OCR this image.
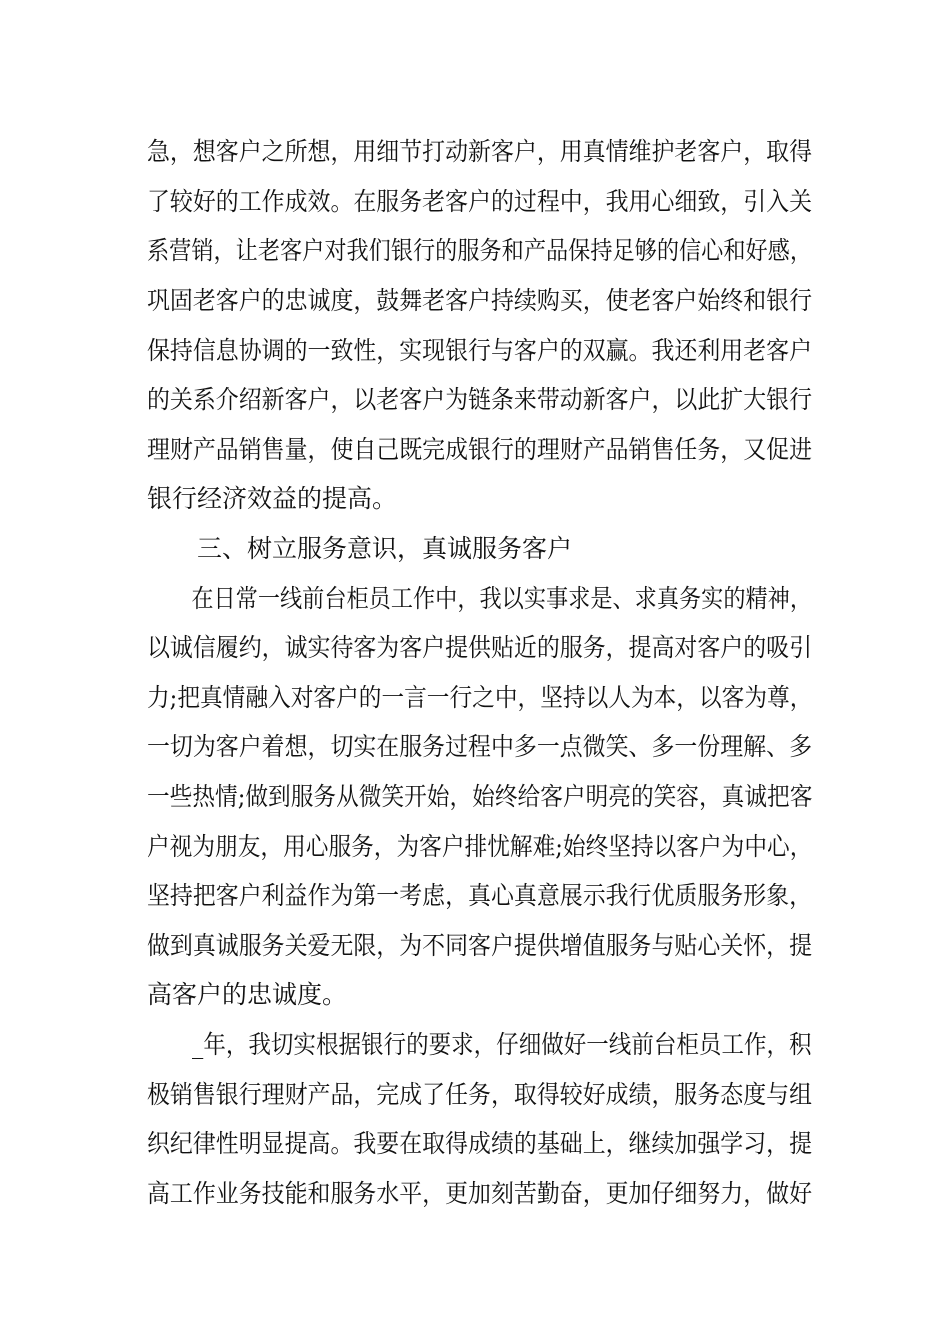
急，想客户之所想，用细节打动新客户，用真情维护老客户，取得
了较好的工作成效。在服务老客户的过程中，我用心细致，引入关
系营销，让老客户对我们银行的服务和产品保持足够的信心和好感，
巩固老客户的忠诚度，鼓舞老客户持续购买，使老客户始终和银行
保持信息协调的一致性，实现银行与客户的双赢。我还利用老客户
的关系介绍新客户，以老客户为链条来带动新客户，以此扩大银行
理财产品销售量，使自己既完成银行的理财产品销售任务，又促进
银行经济效益的提高。
　　三、树立服务意识，真诚服务客户
　　在日常一线前台柜员工作中，我以实事求是、求真务实的精神，
以诚信履约，诚实待客为客户提供贴近的服务，提高对客户的吸引
力;把真情融入对客户的一言一行之中，坚持以人为本，以客为尊，
一切为客户着想，切实在服务过程中多一点微笑、多一份理解、多
一些热情;做到服务从微笑开始，始终给客户明亮的笑容，真诚把客
户视为朋友，用心服务，为客户排忧解难;始终坚持以客户为中心，
坚持把客户利益作为第一考虑，真心真意展示我行优质服务形象，
做到真诚服务关爱无限，为不同客户提供增值服务与贴心关怀，提
高客户的忠诚度。
　　_年，我切实根据银行的要求，仔细做好一线前台柜员工作，积
极销售银行理财产品，完成了任务，取得较好成绩，服务态度与组
织纪律性明显提高。我要在取得成绩的基础上，继续加强学习，提
高工作业务技能和服务水平，更加刻苦勤奋，更加仔细努力，做好
